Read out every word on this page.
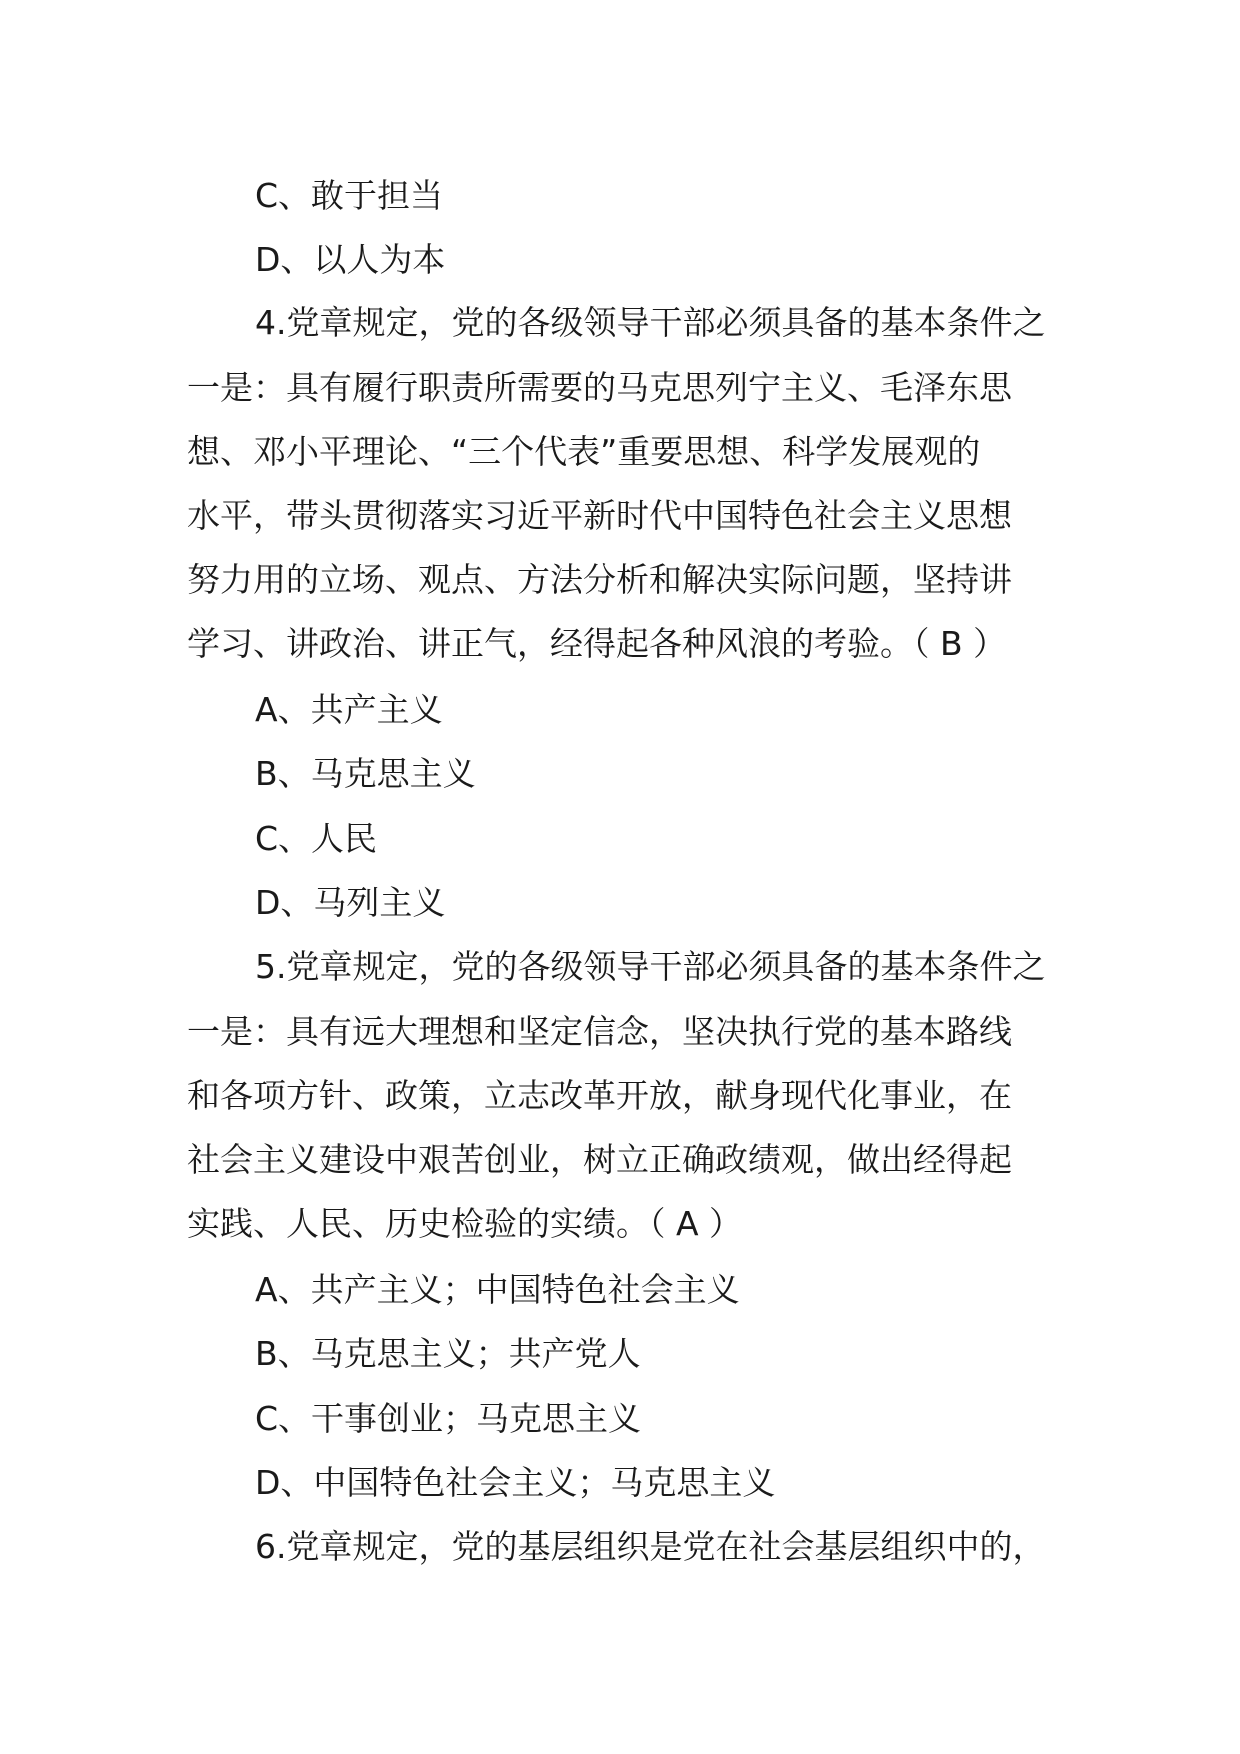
C、敢于担当
D、以人为本
4.党章规定，党的各级领导干部必须具备的基本条件之
一是：具有履行职责所需要的马克思列宁主义、毛泽东思
想、邓小平理论、“三个代表”重要思想、科学发展观的
水平，带头贯彻落实习近平新时代中国特色社会主义思想
努力用的立场、观点、方法分析和解决实际问题，坚持讲
学习、讲政治、讲正气，经得起各种风浪的考验。（ B ）
A、共产主义
B、马克思主义
C、人民
D、马列主义
5.党章规定，党的各级领导干部必须具备的基本条件之
一是：具有远大理想和坚定信念，坚决执行党的基本路线
和各项方针、政策，立志改革开放，献身现代化事业，在
社会主义建设中艰苦创业，树立正确政绩观，做出经得起
实践、人民、历史检验的实绩。（ A ）
A、共产主义；中国特色社会主义
B、马克思主义；共产党人
C、干事创业；马克思主义
D、中国特色社会主义；马克思主义
6.党章规定，党的基层组织是党在社会基层组织中的，
